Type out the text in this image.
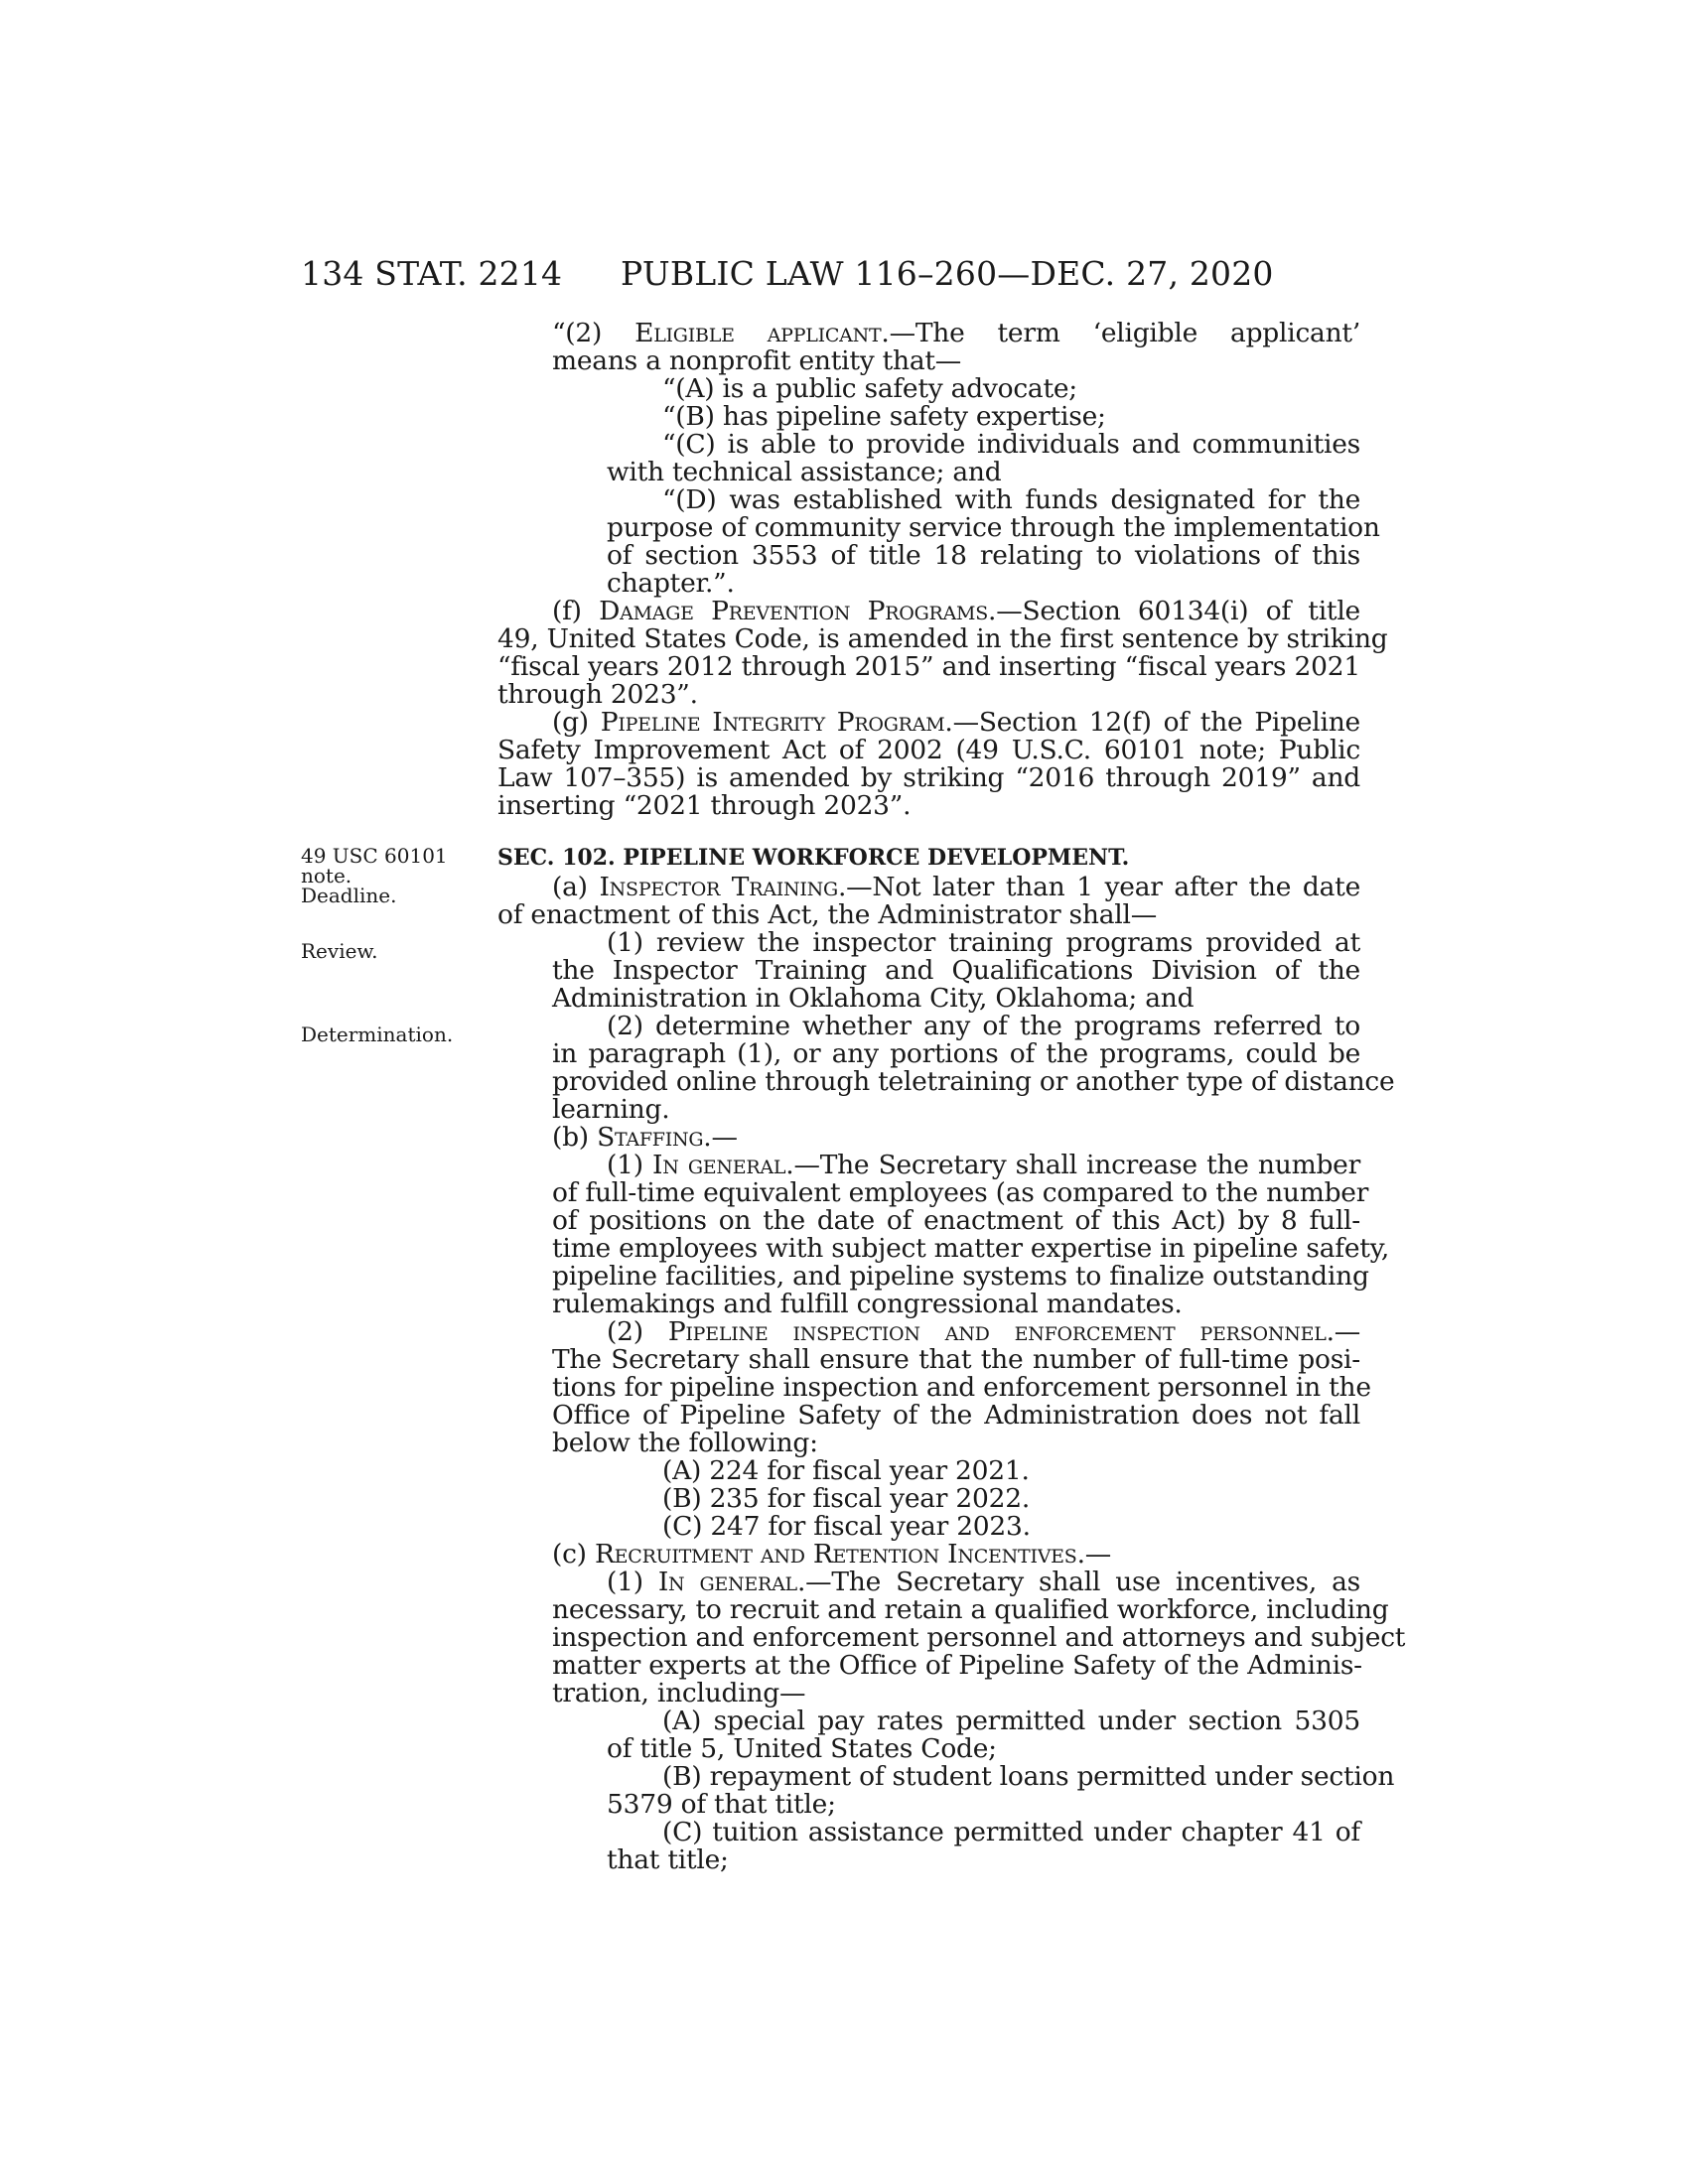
134 STAT. 2214 PUBLIC LAW 116–260—DEC. 27, 2020
49 USC 60101
note.
Deadline.
Review.
Determination.
“(2) Eligible applicant.—The term ‘eligible applicant’
means a nonprofit entity that—
“(A) is a public safety advocate;
“(B) has pipeline safety expertise;
“(C) is able to provide individuals and communities
with technical assistance; and
“(D) was established with funds designated for the
purpose of community service through the implementation
of section 3553 of title 18 relating to violations of this
chapter.”.
(f) Damage Prevention Programs.—Section 60134(i) of title
49, United States Code, is amended in the first sentence by striking
“fiscal years 2012 through 2015” and inserting “fiscal years 2021
through 2023”.
(g) Pipeline Integrity Program.—Section 12(f) of the Pipeline
Safety Improvement Act of 2002 (49 U.S.C. 60101 note; Public
Law 107–355) is amended by striking “2016 through 2019” and
inserting “2021 through 2023”.
SEC. 102. PIPELINE WORKFORCE DEVELOPMENT.
(a) Inspector Training.—Not later than 1 year after the date
of enactment of this Act, the Administrator shall—
(1) review the inspector training programs provided at
the Inspector Training and Qualifications Division of the
Administration in Oklahoma City, Oklahoma; and
(2) determine whether any of the programs referred to
in paragraph (1), or any portions of the programs, could be
provided online through teletraining or another type of distance
learning.
(b) Staffing.—
(1) In general.—The Secretary shall increase the number
of full-time equivalent employees (as compared to the number
of positions on the date of enactment of this Act) by 8 full-
time employees with subject matter expertise in pipeline safety,
pipeline facilities, and pipeline systems to finalize outstanding
rulemakings and fulfill congressional mandates.
(2) Pipeline inspection and enforcement personnel.—
The Secretary shall ensure that the number of full-time posi-
tions for pipeline inspection and enforcement personnel in the
Office of Pipeline Safety of the Administration does not fall
below the following:
(A) 224 for fiscal year 2021.
(B) 235 for fiscal year 2022.
(C) 247 for fiscal year 2023.
(c) Recruitment and Retention Incentives.—
(1) In general.—The Secretary shall use incentives, as
necessary, to recruit and retain a qualified workforce, including
inspection and enforcement personnel and attorneys and subject
matter experts at the Office of Pipeline Safety of the Adminis-
tration, including—
(A) special pay rates permitted under section 5305
of title 5, United States Code;
(B) repayment of student loans permitted under section
5379 of that title;
(C) tuition assistance permitted under chapter 41 of
that title;
